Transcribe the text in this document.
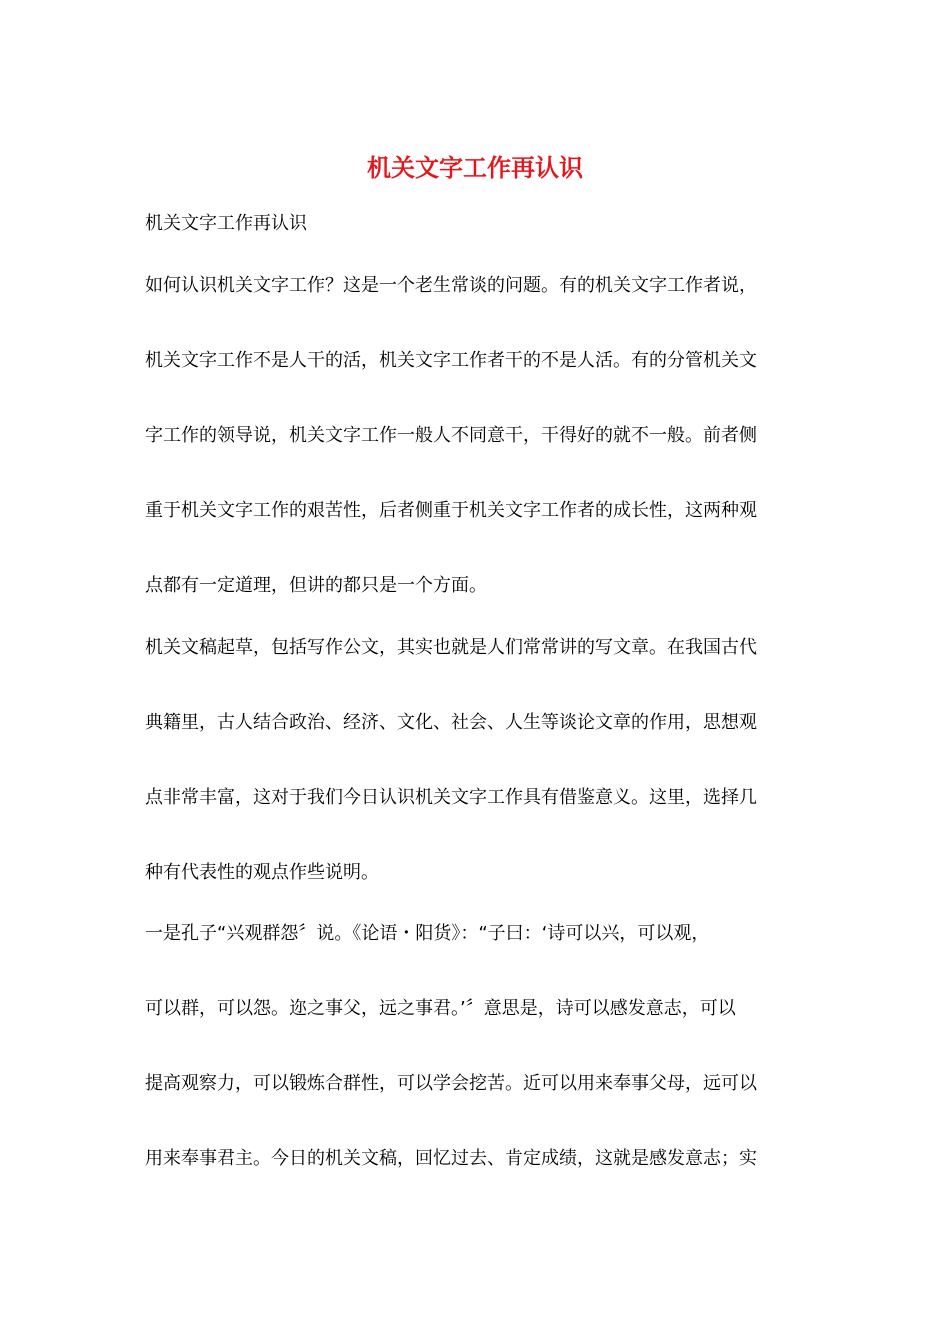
机关文字工作再认识
机关文字工作再认识
如何认识机关文字工作？这是一个老生常谈的问题。有的机关文字工作者说，
机关文字工作不是人干的活，机关文字工作者干的不是人活。有的分管机关文
字工作的领导说，机关文字工作一般人不同意干，干得好的就不一般。前者侧
重于机关文字工作的艰苦性，后者侧重于机关文字工作者的成长性，这两种观
点都有一定道理，但讲的都只是一个方面。
机关文稿起草，包括写作公文，其实也就是人们常常讲的写文章。在我国古代
典籍里，古人结合政治、经济、文化、社会、人生等谈论文章的作用，思想观
点非常丰富，这对于我们今日认识机关文字工作具有借鉴意义。这里，选择几
种有代表性的观点作些说明。
一是孔子“兴观群怨〞说。《论语・阳货》：“子曰：‘诗可以兴，可以观，
可以群，可以怨。迩之事父，远之事君。’〞意思是，诗可以感发意志，可以
提高观察力，可以锻炼合群性，可以学会挖苦。近可以用来奉事父母，远可以
用来奉事君主。今日的机关文稿，回忆过去、肯定成绩，这就是感发意志；实
